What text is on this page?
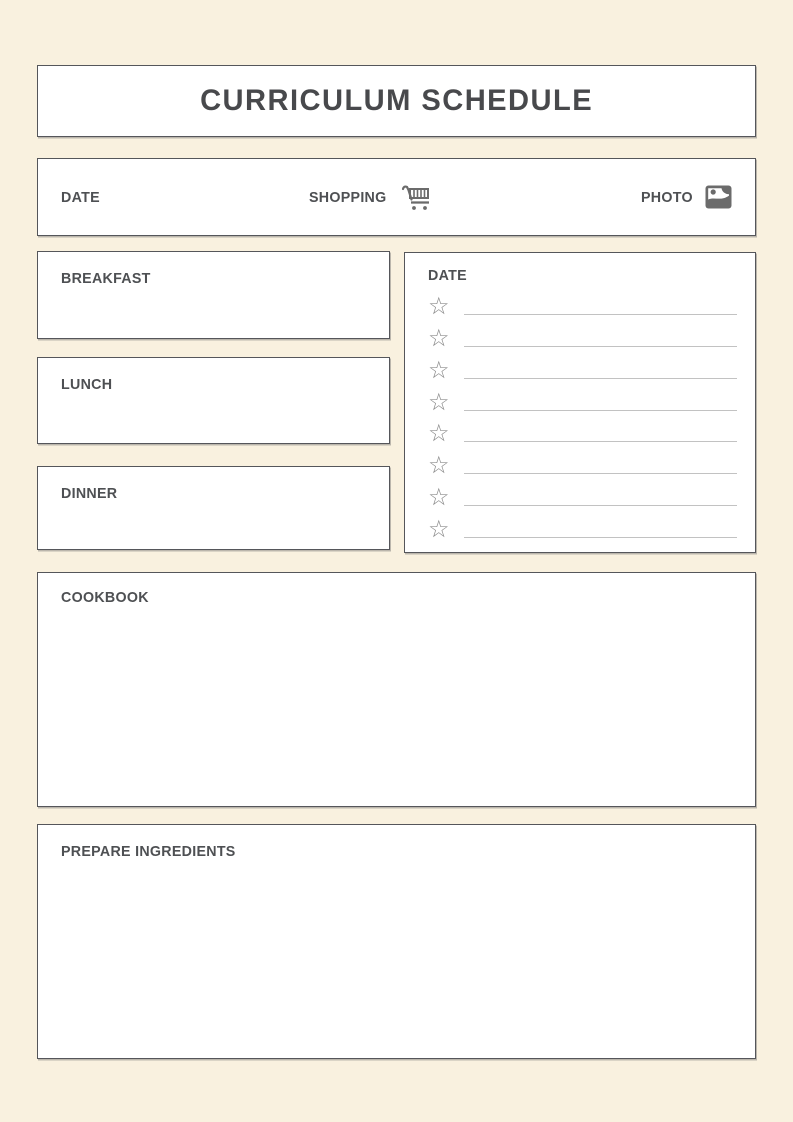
CURRICULUM SCHEDULE
DATE	SHOPPING	PHOTO
BREAKFAST
LUNCH
DINNER
DATE
☆
☆
☆
☆
☆
☆
☆
☆
COOKBOOK
PREPARE INGREDIENTS
